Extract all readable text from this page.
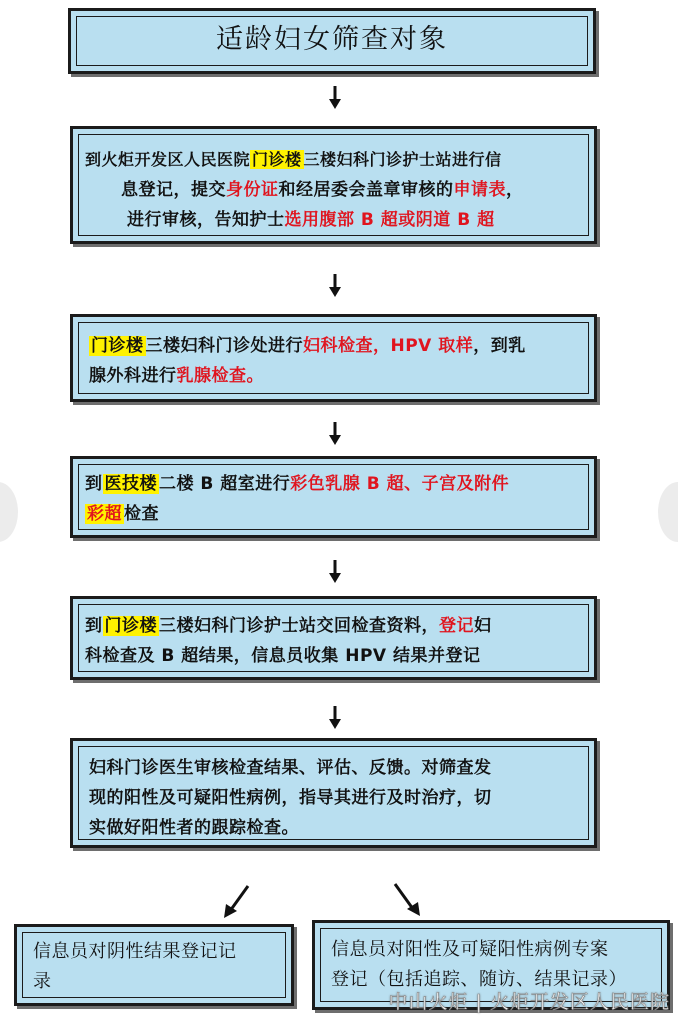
适龄妇女筛查对象
到火炬开发区人民医院 门诊楼 三楼妇科门诊护士站进行信
息登记，提交身份证和经居委会盖章审核的申请表，
进行审核，告知护士选用腹部 B 超或阴道 B 超
门诊楼 三楼妇科门诊处进行妇科检查，HPV 取样，到乳
腺外科进行乳腺检查。
到 医技楼 二楼 B 超室进行彩色乳腺 B 超、子宫及附件
彩超 检查
到 门诊楼 三楼妇科门诊护士站交回检查资料，登记妇
科检查及 B 超结果，信息员收集 HPV 结果并登记
妇科门诊医生审核检查结果、评估、反馈。对筛查发
现的阳性及可疑阳性病例，指导其进行及时治疗，切
实做好阳性者的跟踪检查。
信息员对阴性结果登记记
录
信息员对阳性及可疑阳性病例专案
登记（包括追踪、随访、结果记录）
中山火炬 | 火炬开发区人民医院
